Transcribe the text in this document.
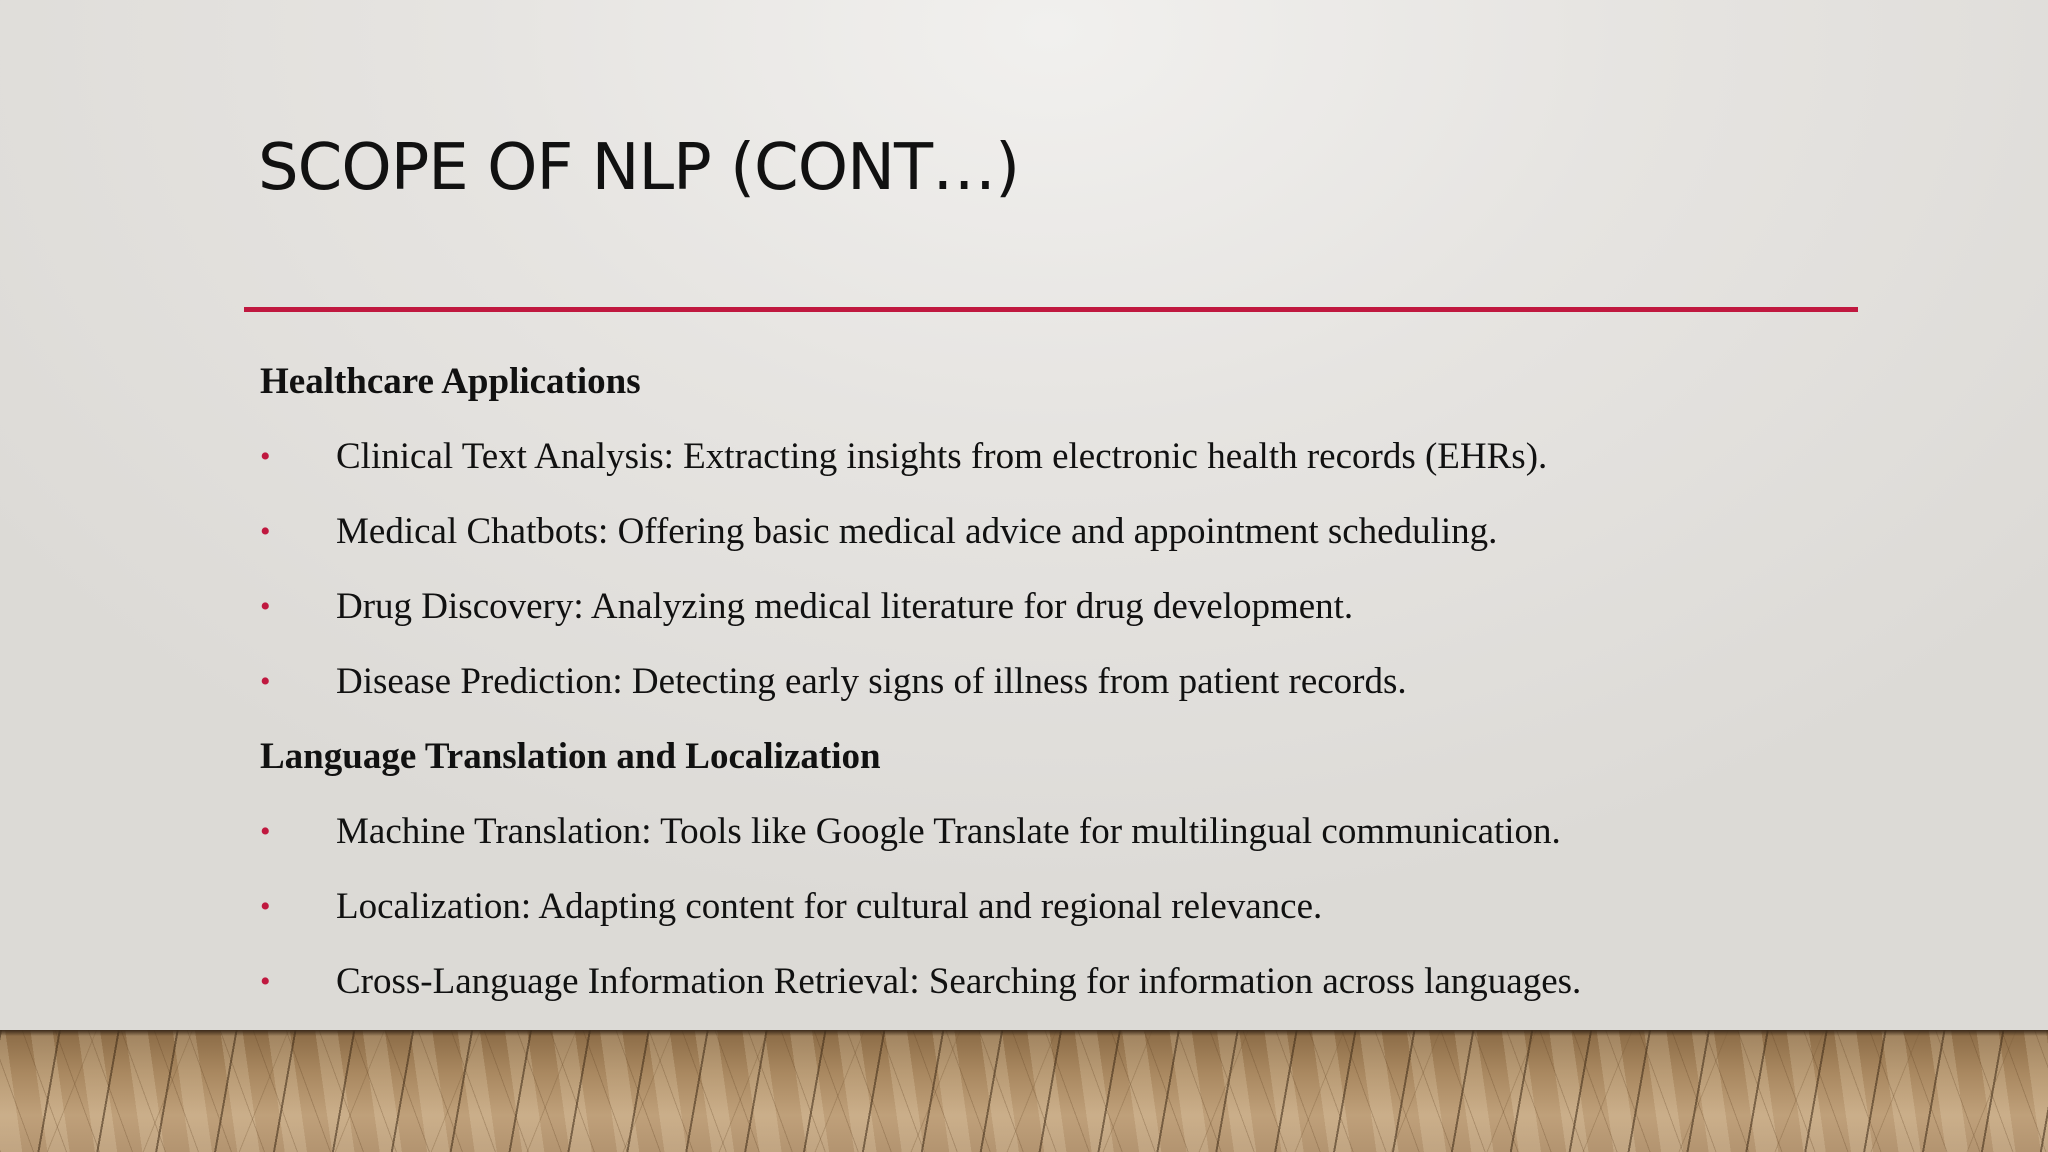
SCOPE OF NLP (CONT…)
Healthcare Applications
• Clinical Text Analysis: Extracting insights from electronic health records (EHRs).
• Medical Chatbots: Offering basic medical advice and appointment scheduling.
• Drug Discovery: Analyzing medical literature for drug development.
• Disease Prediction: Detecting early signs of illness from patient records.
Language Translation and Localization
• Machine Translation: Tools like Google Translate for multilingual communication.
• Localization: Adapting content for cultural and regional relevance.
• Cross-Language Information Retrieval: Searching for information across languages.
